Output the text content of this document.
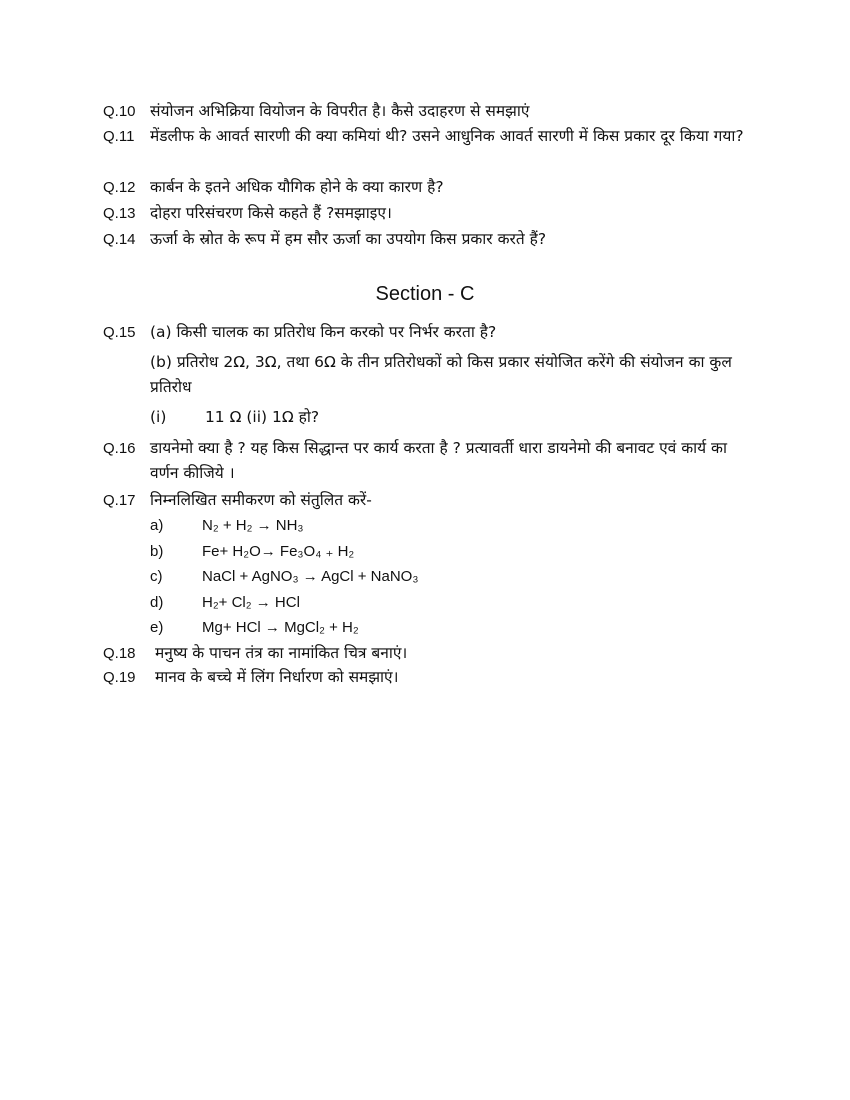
Q.10 संयोजन अभिक्रिया वियोजन के विपरीत है। कैसे उदाहरण से समझाएं
Q.11	मेंडलीफ के आवर्त सारणी की क्या कमियां थी? उसने आधुनिक आवर्त सारणी में किस प्रकार दूर किया गया?
Q.12 कार्बन के इतने अधिक यौगिक होने के क्या कारण है?
Q.13 दोहरा परिसंचरण किसे कहते हैं ?समझाइए।
Q.14 ऊर्जा के स्रोत के रूप में हम सौर ऊर्जा का उपयोग किस प्रकार करते हैं?
Section - C
Q.15 (a) किसी चालक का प्रतिरोध किन करको पर निर्भर करता है?
(b) प्रतिरोध 2Ω, 3Ω, तथा 6Ω के तीन प्रतिरोधकों को किस प्रकार संयोजित करेंगे की संयोजन का कुल प्रतिरोध
(i) 11 Ω (ii) 1Ω हो?
Q.16 डायनेमो क्या है ? यह किस सिद्धान्त पर कार्य करता है ? प्रत्यावर्ती धारा डायनेमो की बनावट एवं कार्य का वर्णन कीजिये ।
Q.17 निम्नलिखित समीकरण को संतुलित करें-
a)	N₂ + H₂ → NH₃
b)	Fe+ H₂O→ Fe₃O₄ ₊ H₂
c)	NaCl + AgNO₃ → AgCl + NaNO₃
d)	H₂+ Cl₂ → HCl
e)	Mg+ HCl → MgCl₂ + H₂
Q.18	मनुष्य के पाचन तंत्र का नामांकित चित्र बनाएं।
Q.19	मानव के बच्चे में लिंग निर्धारण को समझाएं।
